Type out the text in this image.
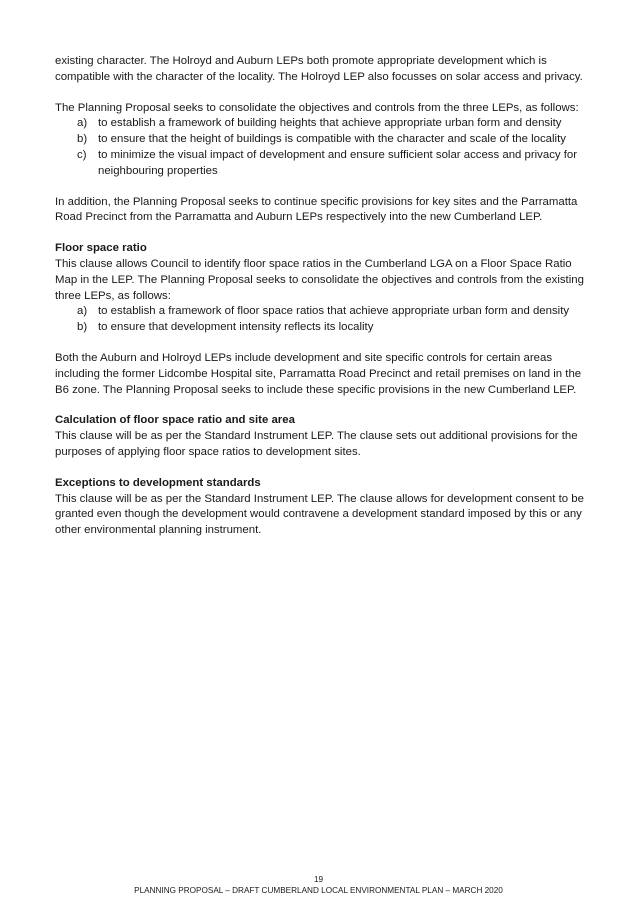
existing character. The Holroyd and Auburn LEPs both promote appropriate development which is compatible with the character of the locality. The Holroyd LEP also focusses on solar access and privacy.

The Planning Proposal seeks to consolidate the objectives and controls from the three LEPs, as follows:

a) to establish a framework of building heights that achieve appropriate urban form and density
b) to ensure that the height of buildings is compatible with the character and scale of the locality
c) to minimize the visual impact of development and ensure sufficient solar access and privacy for neighbouring properties

In addition, the Planning Proposal seeks to continue specific provisions for key sites and the Parramatta Road Precinct from the Parramatta and Auburn LEPs respectively into the new Cumberland LEP.

Floor space ratio

This clause allows Council to identify floor space ratios in the Cumberland LGA on a Floor Space Ratio Map in the LEP. The Planning Proposal seeks to consolidate the objectives and controls from the existing three LEPs, as follows:

a) to establish a framework of floor space ratios that achieve appropriate urban form and density
b) to ensure that development intensity reflects its locality

Both the Auburn and Holroyd LEPs include development and site specific controls for certain areas including the former Lidcombe Hospital site, Parramatta Road Precinct and retail premises on land in the B6 zone. The Planning Proposal seeks to include these specific provisions in the new Cumberland LEP.

Calculation of floor space ratio and site area

This clause will be as per the Standard Instrument LEP. The clause sets out additional provisions for the purposes of applying floor space ratios to development sites.

Exceptions to development standards

This clause will be as per the Standard Instrument LEP. The clause allows for development consent to be granted even though the development would contravene a development standard imposed by this or any other environmental planning instrument.

19
PLANNING PROPOSAL – DRAFT CUMBERLAND LOCAL ENVIRONMENTAL PLAN – MARCH 2020
